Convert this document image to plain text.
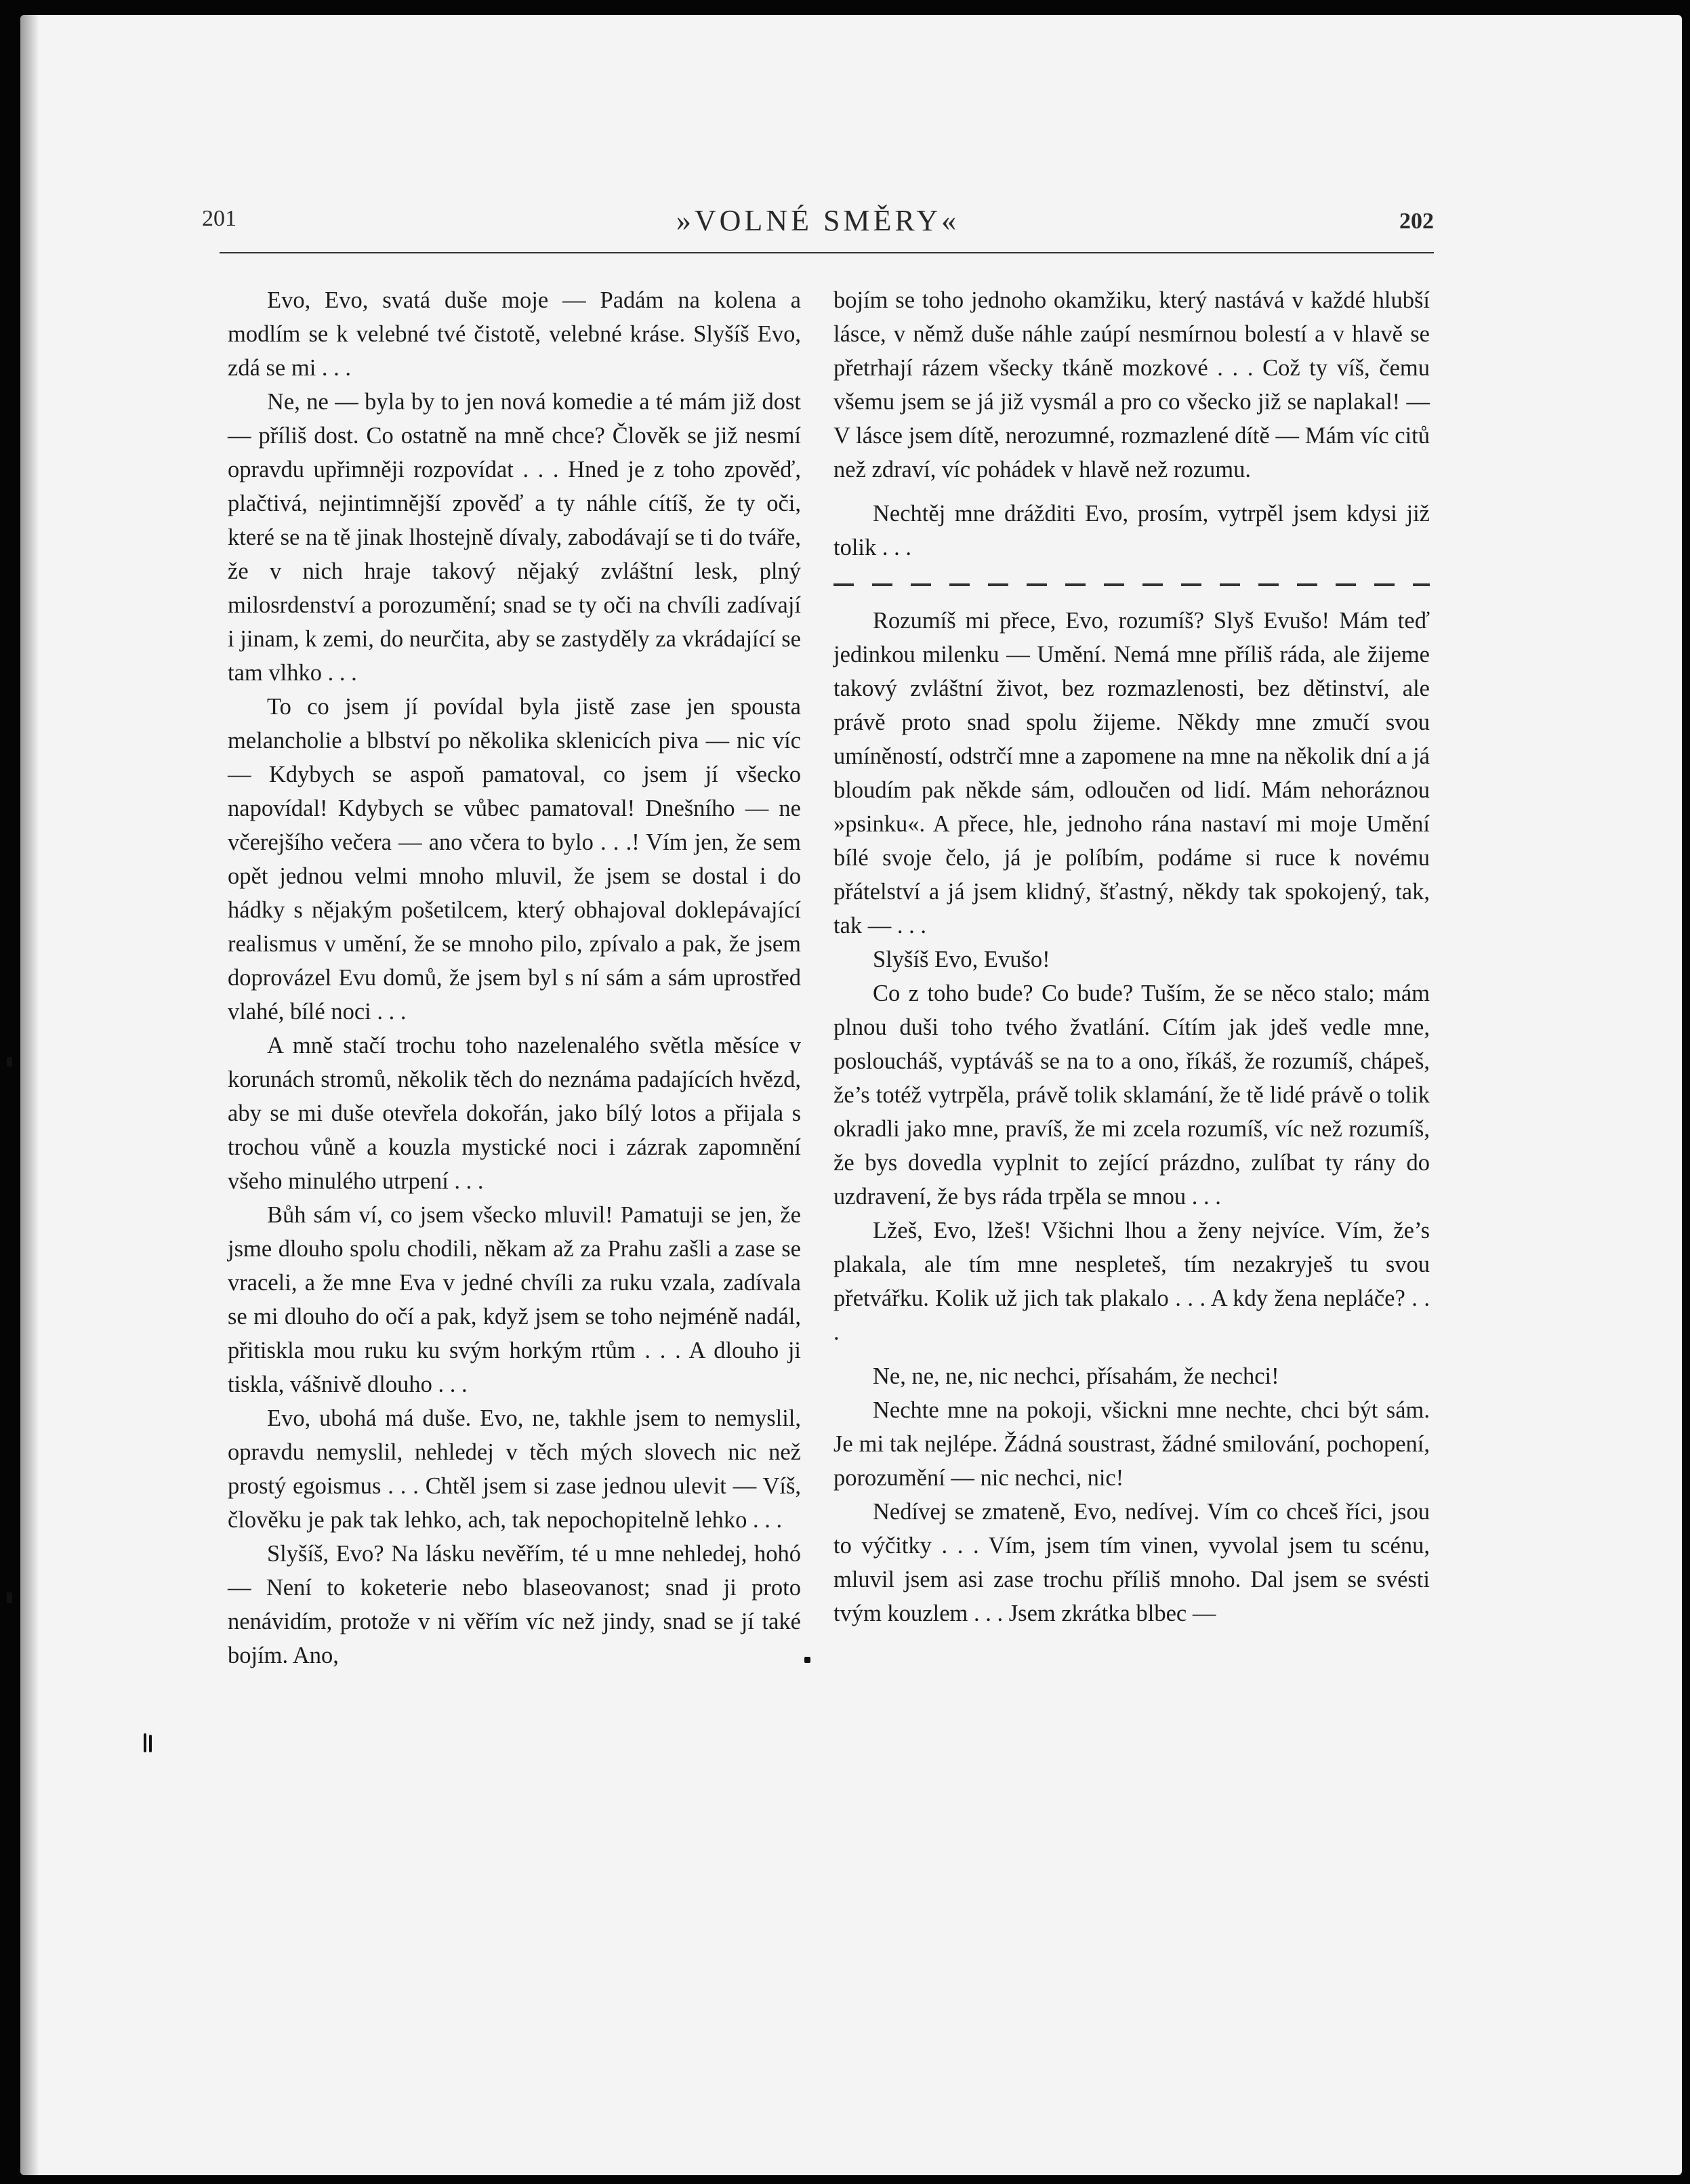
201	»VOLNÉ SMĚRY«	202

Evo, Evo, svatá duše moje — Padám na kolena a modlím se k velebné tvé čistotě, velebné kráse. Slyšíš Evo, zdá se mi . . .

Ne, ne — byla by to jen nová komedie a té mám již dost — příliš dost. Co ostatně na mně chce? Člověk se již nesmí opravdu upřimněji rozpovídat . . . Hned je z toho zpověď, plačtivá, nejintimnější zpověď a ty náhle cítíš, že ty oči, které se na tě jinak lhostejně dívaly, zabodávají se ti do tváře, že v nich hraje takový nějaký zvláštní lesk, plný milosrdenství a porozumění; snad se ty oči na chvíli zadívají i jinam, k zemi, do neurčita, aby se zastyděly za vkrádající se tam vlhko . . .

To co jsem jí povídal byla jistě zase jen spousta melancholie a blbství po několika sklenicích piva — nic víc — Kdybych se aspoň pamatoval, co jsem jí všecko napovídal! Kdybych se vůbec pamatoval! Dnešního — ne včerejšího večera — ano včera to bylo . . .! Vím jen, že sem opět jednou velmi mnoho mluvil, že jsem se dostal i do hádky s nějakým pošetilcem, který obhajoval doklepávající realismus v umění, že se mnoho pilo, zpívalo a pak, že jsem doprovázel Evu domů, že jsem byl s ní sám a sám uprostřed vlahé, bílé noci . . .

A mně stačí trochu toho nazelenalého světla měsíce v korunách stromů, několik těch do neznáma padajících hvězd, aby se mi duše otevřela dokořán, jako bílý lotos a přijala s trochou vůně a kouzla mystické noci i zázrak zapomnění všeho minulého utrpení . . .

Bůh sám ví, co jsem všecko mluvil! Pamatuji se jen, že jsme dlouho spolu chodili, někam až za Prahu zašli a zase se vraceli, a že mne Eva v jedné chvíli za ruku vzala, zadívala se mi dlouho do očí a pak, když jsem se toho nejméně nadál, přitiskla mou ruku ku svým horkým rtům . . . A dlouho ji tiskla, vášnivě dlouho . . .

Evo, ubohá má duše. Evo, ne, takhle jsem to nemyslil, opravdu nemyslil, nehledej v těch mých slovech nic než prostý egoismus . . . Chtěl jsem si zase jednou ulevit — Víš, člověku je pak tak lehko, ach, tak nepochopitelně lehko . . .

Slyšíš, Evo? Na lásku nevěřím, té u mne nehledej, hohó — Není to koketerie nebo blaseovanost; snad ji proto nenávidím, protože v ni věřím víc než jindy, snad se jí také bojím. Ano,

bojím se toho jednoho okamžiku, který nastává v každé hlubší lásce, v němž duše náhle zaúpí nesmírnou bolestí a v hlavě se přetrhají rázem všecky tkáně mozkové . . . Což ty víš, čemu všemu jsem se já již vysmál a pro co všecko již se naplakal! — V lásce jsem dítě, nerozumné, rozmazlené dítě — Mám víc citů než zdraví, víc pohádek v hlavě než rozumu.

Nechtěj mne drážditi Evo, prosím, vytrpěl jsem kdysi již tolik . . .

Rozumíš mi přece, Evo, rozumíš? Slyš Evušo! Mám teď jedinkou milenku — Umění. Nemá mne příliš ráda, ale žijeme takový zvláštní život, bez rozmazlenosti, bez dětinství, ale právě proto snad spolu žijeme. Někdy mne zmučí svou umíněností, odstrčí mne a zapomene na mne na několik dní a já bloudím pak někde sám, odloučen od lidí. Mám nehoráznou »psinku«. A přece, hle, jednoho rána nastaví mi moje Umění bílé svoje čelo, já je políbím, podáme si ruce k novému přátelství a já jsem klidný, šťastný, někdy tak spokojený, tak, tak — . . .

Slyšíš Evo, Evušo!

Co z toho bude? Co bude? Tuším, že se něco stalo; mám plnou duši toho tvého žvatlání. Cítím jak jdeš vedle mne, posloucháš, vyptáváš se na to a ono, říkáš, že rozumíš, chápeš, že’s totéž vytrpěla, právě tolik sklamání, že tě lidé právě o tolik okradli jako mne, pravíš, že mi zcela rozumíš, víc než rozumíš, že bys dovedla vyplnit to zející prázdno, zulíbat ty rány do uzdravení, že bys ráda trpěla se mnou . . .

Lžeš, Evo, lžeš! Všichni lhou a ženy nejvíce. Vím, že’s plakala, ale tím mne nespleteš, tím nezakryješ tu svou přetvářku. Kolik už jich tak plakalo . . . A kdy žena nepláče? . . .

Ne, ne, ne, nic nechci, přísahám, že nechci!

Nechte mne na pokoji, všickni mne nechte, chci být sám. Je mi tak nejlépe. Žádná soustrast, žádné smilování, pochopení, porozumění — nic nechci, nic!

Nedívej se zmateně, Evo, nedívej. Vím co chceš říci, jsou to výčitky . . . Vím, jsem tím vinen, vyvolal jsem tu scénu, mluvil jsem asi zase trochu příliš mnoho. Dal jsem se svésti tvým kouzlem . . . Jsem zkrátka blbec —
